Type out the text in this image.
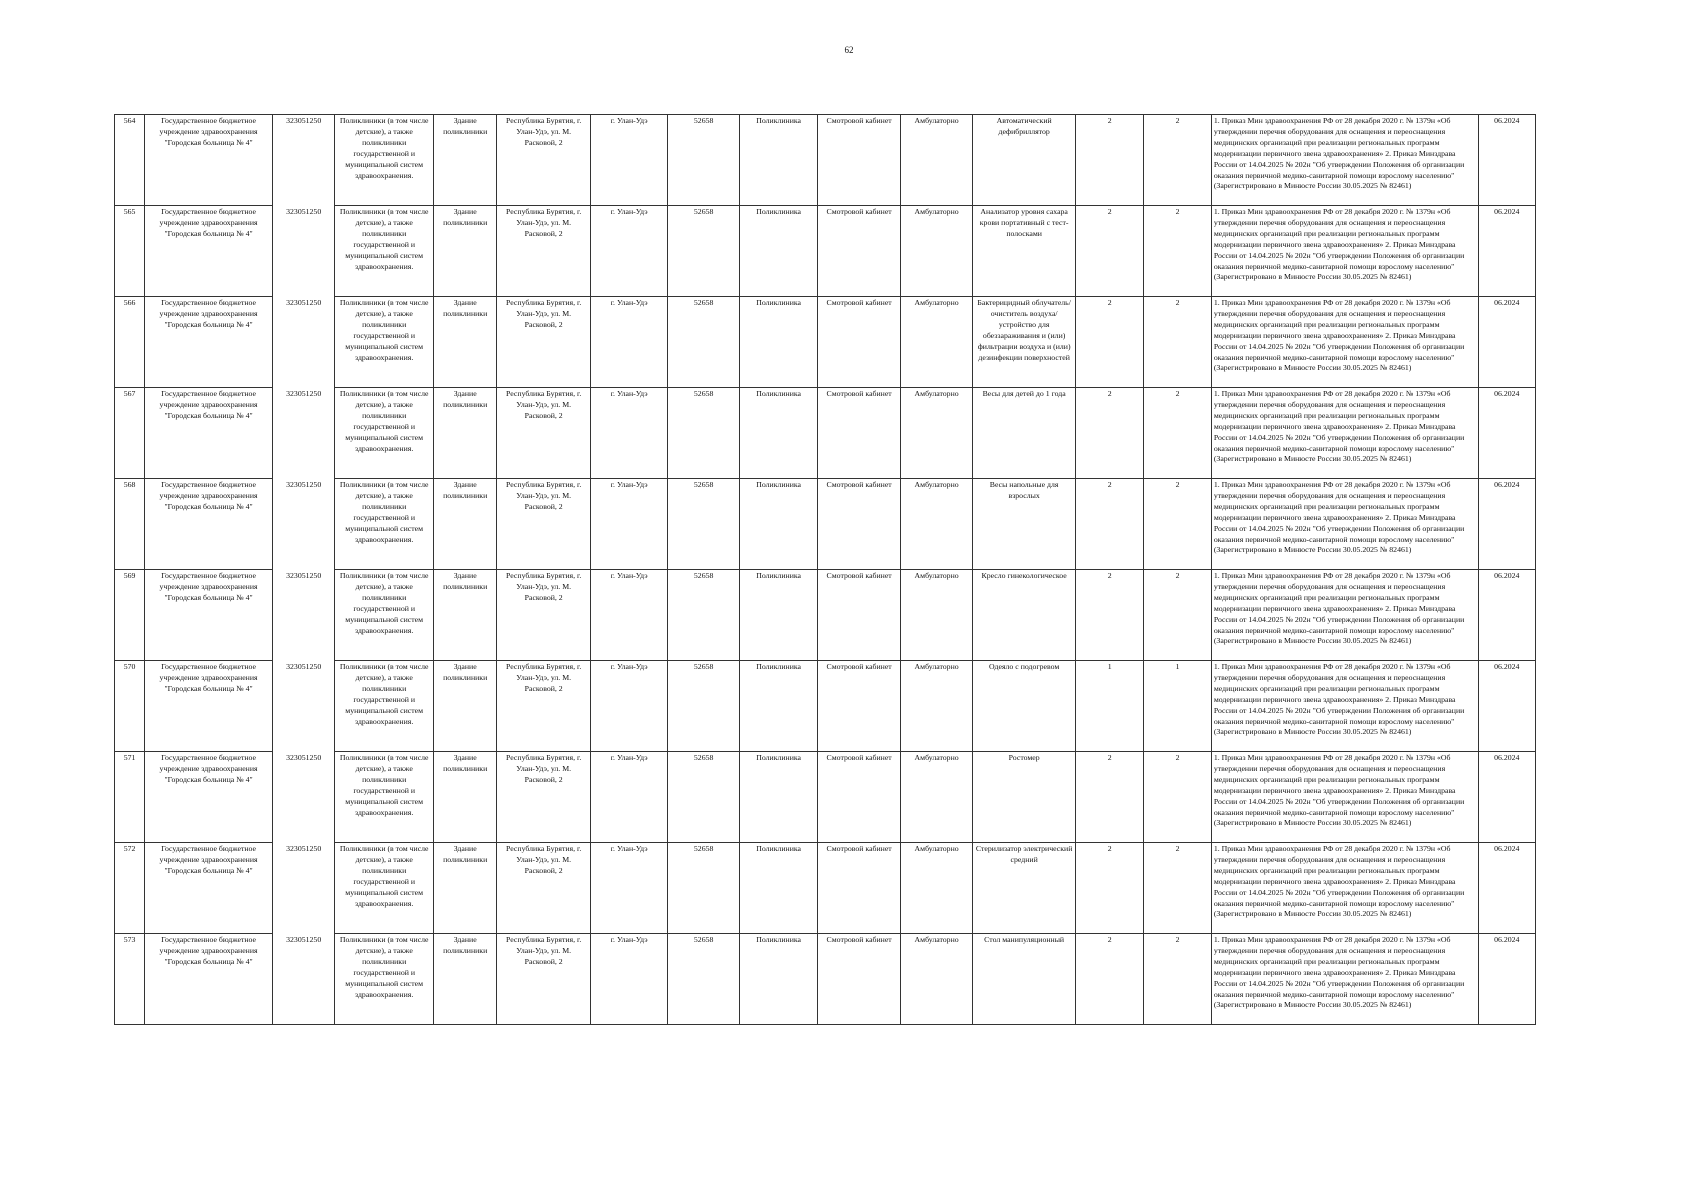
62
564	Государственное бюджетное учреждение здравоохранения "Городская больница № 4"	323051250	Поликлиники (в том числе детские), а также поликлиники государственной и муниципальной систем здравоохранения.	Здание поликлиники	Республика Бурятия, г. Улан-Удэ, ул. М. Расковой, 2	г. Улан-Удэ	52658	Поликлиника	Смотровой кабинет	Амбулаторно	Автоматический дефибриллятор	2	2	1. Приказ Мин здравоохранения РФ от 28 декабря 2020 г. № 1379н «Об утверждении перечня оборудования для оснащения и переоснащения медицинских организаций при реализации региональных программ модернизации первичного звена здравоохранения» 2. Приказ Минздрава России от 14.04.2025 № 202н "Об утверждении Положения об организации оказания первичной медико-санитарной помощи взрослому населению" (Зарегистрировано в Минюсте России 30.05.2025 № 82461)	06.2024
565	Государственное бюджетное учреждение здравоохранения "Городская больница № 4"	323051250	Поликлиники (в том числе детские), а также поликлиники государственной и муниципальной систем здравоохранения.	Здание поликлиники	Республика Бурятия, г. Улан-Удэ, ул. М. Расковой, 2	г. Улан-Удэ	52658	Поликлиника	Смотровой кабинет	Амбулаторно	Анализатор уровня сахара крови портативный с тест-полосками	2	2	1. Приказ Мин здравоохранения РФ от 28 декабря 2020 г. № 1379н «Об утверждении перечня оборудования для оснащения и переоснащения медицинских организаций при реализации региональных программ модернизации первичного звена здравоохранения» 2. Приказ Минздрава России от 14.04.2025 № 202н "Об утверждении Положения об организации оказания первичной медико-санитарной помощи взрослому населению" (Зарегистрировано в Минюсте России 30.05.2025 № 82461)	06.2024
566	Государственное бюджетное учреждение здравоохранения "Городская больница № 4"	323051250	Поликлиники (в том числе детские), а также поликлиники государственной и муниципальной систем здравоохранения.	Здание поликлиники	Республика Бурятия, г. Улан-Удэ, ул. М. Расковой, 2	г. Улан-Удэ	52658	Поликлиника	Смотровой кабинет	Амбулаторно	Бактерицидный облучатель/очиститель воздуха/устройство для обеззараживания и (или) фильтрации воздуха и (или) дезинфекции поверхностей	2	2	1. Приказ Мин здравоохранения РФ от 28 декабря 2020 г. № 1379н «Об утверждении перечня оборудования для оснащения и переоснащения медицинских организаций при реализации региональных программ модернизации первичного звена здравоохранения» 2. Приказ Минздрава России от 14.04.2025 № 202н "Об утверждении Положения об организации оказания первичной медико-санитарной помощи взрослому населению" (Зарегистрировано в Минюсте России 30.05.2025 № 82461)	06.2024
567	Государственное бюджетное учреждение здравоохранения "Городская больница № 4"	323051250	Поликлиники (в том числе детские), а также поликлиники государственной и муниципальной систем здравоохранения.	Здание поликлиники	Республика Бурятия, г. Улан-Удэ, ул. М. Расковой, 2	г. Улан-Удэ	52658	Поликлиника	Смотровой кабинет	Амбулаторно	Весы для детей до 1 года	2	2	1. Приказ Мин здравоохранения РФ от 28 декабря 2020 г. № 1379н «Об утверждении перечня оборудования для оснащения и переоснащения медицинских организаций при реализации региональных программ модернизации первичного звена здравоохранения» 2. Приказ Минздрава России от 14.04.2025 № 202н "Об утверждении Положения об организации оказания первичной медико-санитарной помощи взрослому населению" (Зарегистрировано в Минюсте России 30.05.2025 № 82461)	06.2024
568	Государственное бюджетное учреждение здравоохранения "Городская больница № 4"	323051250	Поликлиники (в том числе детские), а также поликлиники государственной и муниципальной систем здравоохранения.	Здание поликлиники	Республика Бурятия, г. Улан-Удэ, ул. М. Расковой, 2	г. Улан-Удэ	52658	Поликлиника	Смотровой кабинет	Амбулаторно	Весы напольные для взрослых	2	2	1. Приказ Мин здравоохранения РФ от 28 декабря 2020 г. № 1379н «Об утверждении перечня оборудования для оснащения и переоснащения медицинских организаций при реализации региональных программ модернизации первичного звена здравоохранения» 2. Приказ Минздрава России от 14.04.2025 № 202н "Об утверждении Положения об организации оказания первичной медико-санитарной помощи взрослому населению" (Зарегистрировано в Минюсте России 30.05.2025 № 82461)	06.2024
569	Государственное бюджетное учреждение здравоохранения "Городская больница № 4"	323051250	Поликлиники (в том числе детские), а также поликлиники государственной и муниципальной систем здравоохранения.	Здание поликлиники	Республика Бурятия, г. Улан-Удэ, ул. М. Расковой, 2	г. Улан-Удэ	52658	Поликлиника	Смотровой кабинет	Амбулаторно	Кресло гинекологическое	2	2	1. Приказ Мин здравоохранения РФ от 28 декабря 2020 г. № 1379н «Об утверждении перечня оборудования для оснащения и переоснащения медицинских организаций при реализации региональных программ модернизации первичного звена здравоохранения» 2. Приказ Минздрава России от 14.04.2025 № 202н "Об утверждении Положения об организации оказания первичной медико-санитарной помощи взрослому населению" (Зарегистрировано в Минюсте России 30.05.2025 № 82461)	06.2024
570	Государственное бюджетное учреждение здравоохранения "Городская больница № 4"	323051250	Поликлиники (в том числе детские), а также поликлиники государственной и муниципальной систем здравоохранения.	Здание поликлиники	Республика Бурятия, г. Улан-Удэ, ул. М. Расковой, 2	г. Улан-Удэ	52658	Поликлиника	Смотровой кабинет	Амбулаторно	Одеяло с подогревом	1	1	1. Приказ Мин здравоохранения РФ от 28 декабря 2020 г. № 1379н «Об утверждении перечня оборудования для оснащения и переоснащения медицинских организаций при реализации региональных программ модернизации первичного звена здравоохранения» 2. Приказ Минздрава России от 14.04.2025 № 202н "Об утверждении Положения об организации оказания первичной медико-санитарной помощи взрослому населению" (Зарегистрировано в Минюсте России 30.05.2025 № 82461)	06.2024
571	Государственное бюджетное учреждение здравоохранения "Городская больница № 4"	323051250	Поликлиники (в том числе детские), а также поликлиники государственной и муниципальной систем здравоохранения.	Здание поликлиники	Республика Бурятия, г. Улан-Удэ, ул. М. Расковой, 2	г. Улан-Удэ	52658	Поликлиника	Смотровой кабинет	Амбулаторно	Ростомер	2	2	1. Приказ Мин здравоохранения РФ от 28 декабря 2020 г. № 1379н «Об утверждении перечня оборудования для оснащения и переоснащения медицинских организаций при реализации региональных программ модернизации первичного звена здравоохранения» 2. Приказ Минздрава России от 14.04.2025 № 202н "Об утверждении Положения об организации оказания первичной медико-санитарной помощи взрослому населению" (Зарегистрировано в Минюсте России 30.05.2025 № 82461)	06.2024
572	Государственное бюджетное учреждение здравоохранения "Городская больница № 4"	323051250	Поликлиники (в том числе детские), а также поликлиники государственной и муниципальной систем здравоохранения.	Здание поликлиники	Республика Бурятия, г. Улан-Удэ, ул. М. Расковой, 2	г. Улан-Удэ	52658	Поликлиника	Смотровой кабинет	Амбулаторно	Стерилизатор электрический средний	2	2	1. Приказ Мин здравоохранения РФ от 28 декабря 2020 г. № 1379н «Об утверждении перечня оборудования для оснащения и переоснащения медицинских организаций при реализации региональных программ модернизации первичного звена здравоохранения» 2. Приказ Минздрава России от 14.04.2025 № 202н "Об утверждении Положения об организации оказания первичной медико-санитарной помощи взрослому населению" (Зарегистрировано в Минюсте России 30.05.2025 № 82461)	06.2024
573	Государственное бюджетное учреждение здравоохранения "Городская больница № 4"	323051250	Поликлиники (в том числе детские), а также поликлиники государственной и муниципальной систем здравоохранения.	Здание поликлиники	Республика Бурятия, г. Улан-Удэ, ул. М. Расковой, 2	г. Улан-Удэ	52658	Поликлиника	Смотровой кабинет	Амбулаторно	Стол манипуляционный	2	2	1. Приказ Мин здравоохранения РФ от 28 декабря 2020 г. № 1379н «Об утверждении перечня оборудования для оснащения и переоснащения медицинских организаций при реализации региональных программ модернизации первичного звена здравоохранения» 2. Приказ Минздрава России от 14.04.2025 № 202н "Об утверждении Положения об организации оказания первичной медико-санитарной помощи взрослому населению" (Зарегистрировано в Минюсте России 30.05.2025 № 82461)	06.2024
